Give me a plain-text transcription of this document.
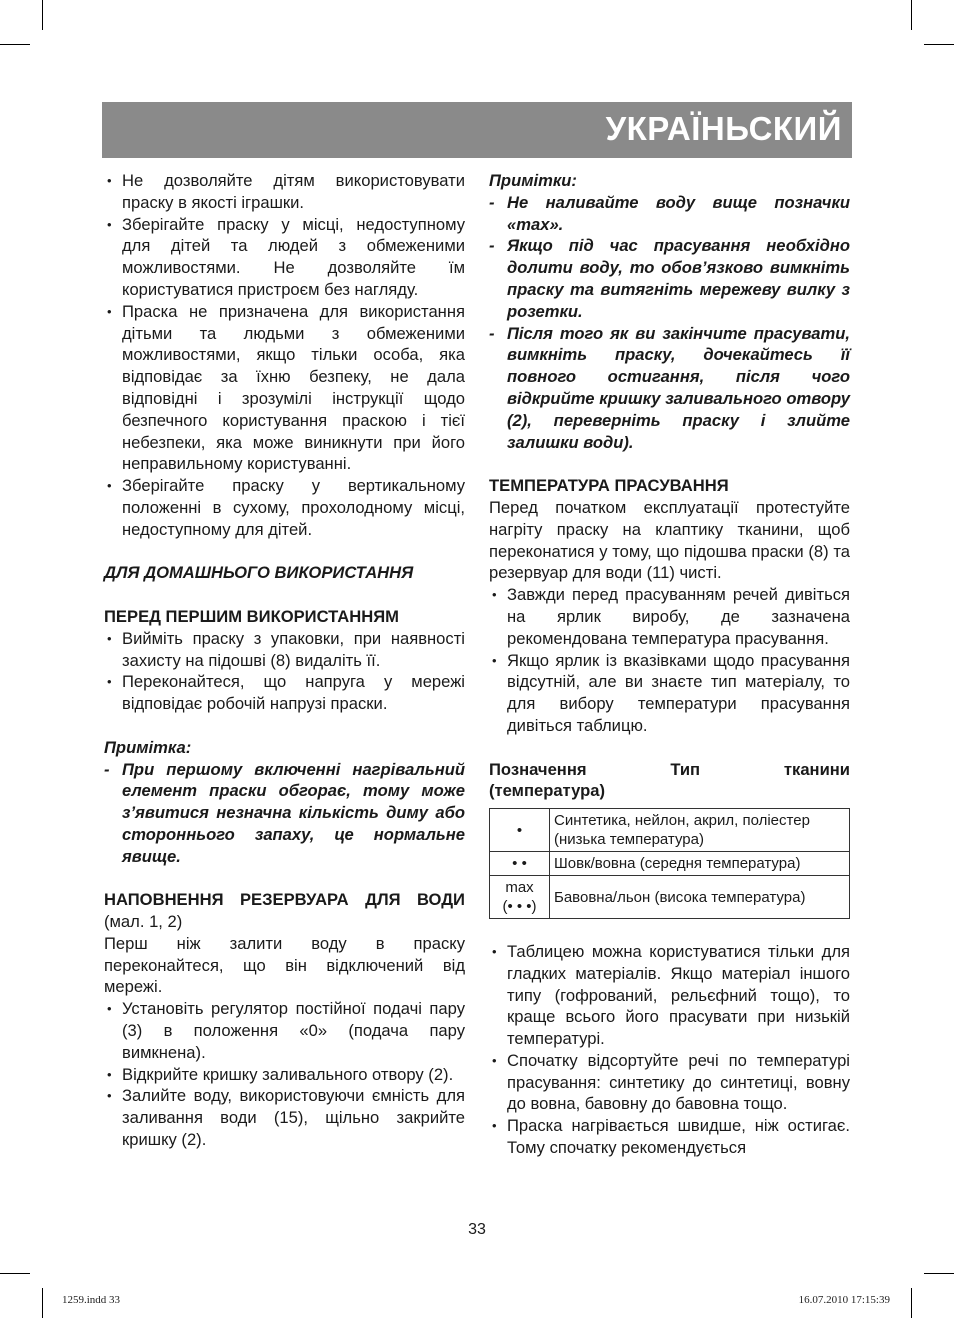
УКРАЇНЬСКИЙ
• Не дозволяйте дітям використовувати праску в якості іграшки.
• Зберігайте праску у місці, недоступному для дітей та людей з обмеженими можливостями. Не дозволяйте їм користуватися пристроєм без нагляду.
• Праска не призначена для використання дітьми та людьми з обмеженими можливостями, якщо тільки особа, яка відповідає за їхню безпеку, не дала відповідні і зрозумілі інструкції щодо безпечного користування праскою і тієї небезпеки, яка може виникнути при його неправильному користуванні.
• Зберігайте праску у вертикальному положенні в сухому, прохолодному місці, недоступному для дітей.

ДЛЯ ДОМАШНЬОГО ВИКОРИСТАННЯ

ПЕРЕД ПЕРШИМ ВИКОРИСТАННЯМ

• Вийміть праску з упаковки, при наявності захисту на підошві (8) видаліть її.
• Переконайтеся, що напруга у мережі відповідає робочій напрузі праски.

Примітка:

- При першому включенні нагрівальний елемент праски обгорає, тому може з’явитися незначна кількість диму або стороннього запаху, це нормальне явище.

НАПОВНЕННЯ РЕЗЕРВУАРА ДЛЯ ВОДИ (мал. 1, 2)

Перш ніж залити воду в праску переконайтеся, що він відключений від мережі.

• Установіть регулятор постійної подачі пару (3) в положення «0» (подача пару вимкнена).
• Відкрийте кришку заливального отвору (2).
• Залийте воду, використовуючи ємність для заливання води (15), щільно закрийте кришку (2).

Примітки:

- Не наливайте воду вище позначки «max».
- Якщо під час прасування необхідно долити воду, то обов’язково вимкніть праску та витягніть мережеву вилку з розетки.
- Після того як ви закінчите прасувати, вимкніть праску, дочекайтесь її повного остигання, після чого відкрийте кришку заливального отвору (2), переверніть праску і злийте залишки води).

ТЕМПЕРАТУРА ПРАСУВАННЯ

Перед початком експлуатації протестуйте нагріту праску на клаптику тканини, щоб переконатися у тому, що підошва праски (8) та резервуар для води (11) чисті.

• Завжди перед прасуванням речей дивіться на ярлик виробу, де зазначена рекомендована температура прасування.
• Якщо ярлик із вказівками щодо прасування відсутній, але ви знаєте тип матеріалу, то для вибору температури прасування дивіться таблицю.
Позначення	Тип	тканини

(температура)

•	Синтетика, нейлон, акрил, поліестер (низька температура)
• •	Шовк/вовна (середня температура)
max
(• • •)	Бавовна/льон (висока температура)
• Таблицею можна користуватися тільки для гладких матеріалів. Якщо матеріал іншого типу (гофрований, рельєфний тощо), то краще всього його прасувати при низькій температурі.
• Спочатку відсортуйте речі по температурі прасування: синтетику до синтетиці, вовну до вовна, бавовну до бавовна тощо.
• Праска нагрівається швидше, ніж остигає. Тому спочатку рекомендується
33
1259.indd 33	16.07.2010 17:15:39
